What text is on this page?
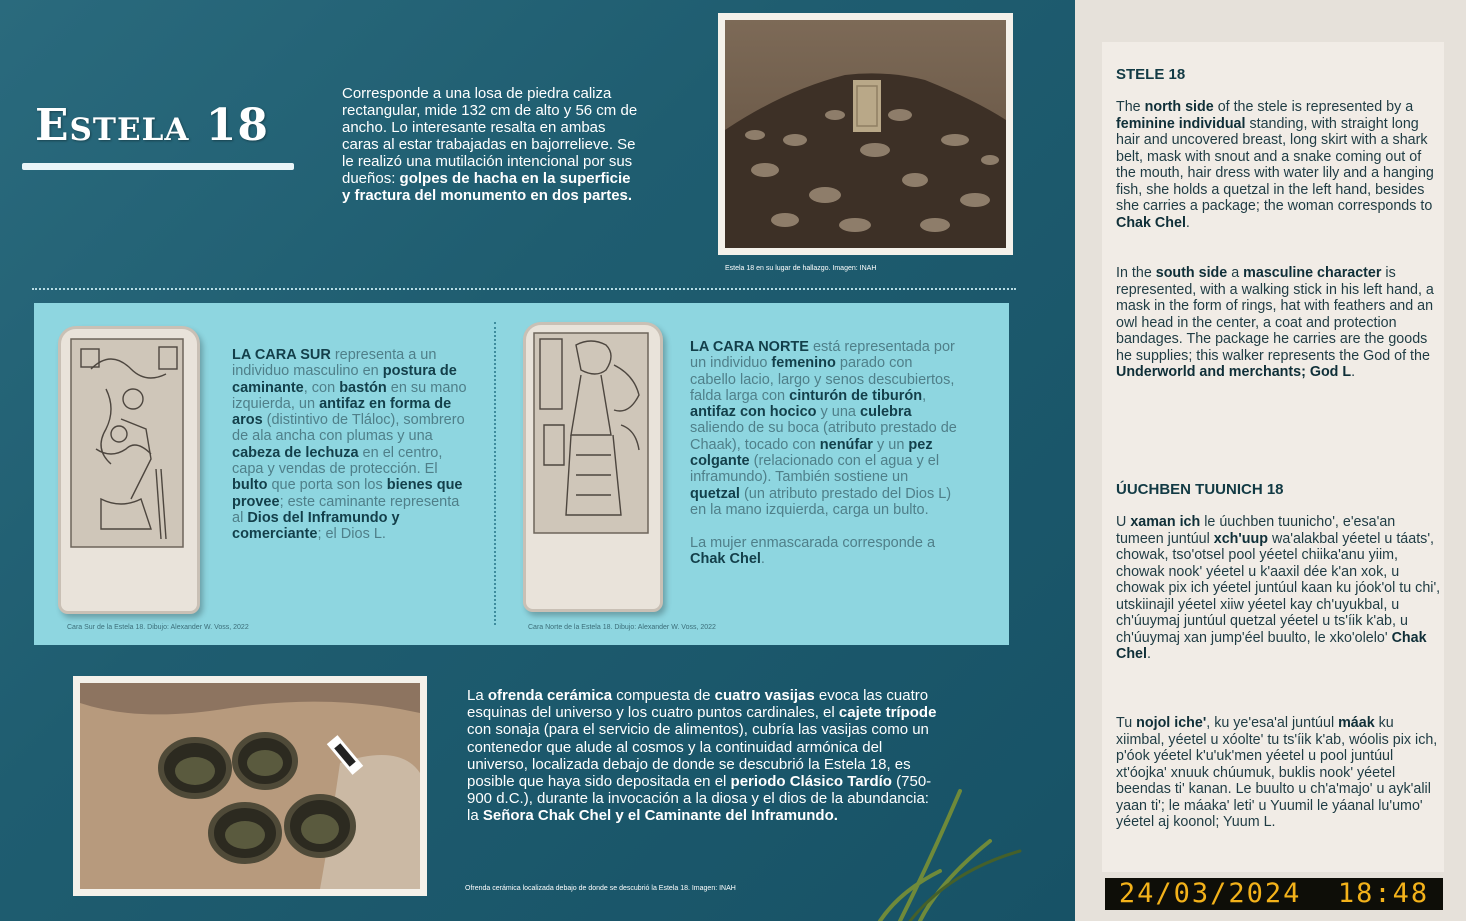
Estela 18
Corresponde a una losa de piedra caliza rectangular, mide 132 cm de alto y 56 cm de ancho. Lo interesante resalta en ambas caras al estar trabajadas en bajorrelieve. Se le realizó una mutilación intencional por sus dueños: golpes de hacha en la superficie y fractura del monumento en dos partes.
Estela 18 en su lugar de hallazgo. Imagen: INAH
Cara Sur de la Estela 18. Dibujo: Alexander W. Voss, 2022
LA CARA SUR representa a un individuo masculino en postura de caminante, con bastón en su mano izquierda, un antifaz en forma de aros (distintivo de Tláloc), sombrero de ala ancha con plumas y una cabeza de lechuza en el centro, capa y vendas de protección. El bulto que porta son los bienes que provee; este caminante representa al Dios del Inframundo y comerciante; el Dios L.
Cara Norte de la Estela 18. Dibujo: Alexander W. Voss, 2022
LA CARA NORTE está representada por un individuo femenino parado con cabello lacio, largo y senos descubiertos, falda larga con cinturón de tiburón, antifaz con hocico y una culebra saliendo de su boca (atributo prestado de Chaak), tocado con nenúfar y un pez colgante (relacionado con el agua y el inframundo). También sostiene un quetzal (un atributo prestado del Dios L) en la mano izquierda, carga un bulto.

La mujer enmascarada corresponde a Chak Chel.
Ofrenda cerámica localizada debajo de donde se descubrió la Estela 18. Imagen: INAH
La ofrenda cerámica compuesta de cuatro vasijas evoca las cuatro esquinas del universo y los cuatro puntos cardinales, el cajete trípode con sonaja (para el servicio de alimentos), cubría las vasijas como un contenedor que alude al cosmos y la continuidad armónica del universo, localizada debajo de donde se descubrió la Estela 18, es posible que haya sido depositada en el periodo Clásico Tardío (750-900 d.C.), durante la invocación a la diosa y el dios de la abundancia: la Señora Chak Chel y el Caminante del Inframundo.
STELE 18
The north side of the stele is represented by a feminine individual standing, with straight long hair and uncovered breast, long skirt with a shark belt, mask with snout and a snake coming out of the mouth, hair dress with water lily and a hanging fish, she holds a quetzal in the left hand, besides she carries a package; the woman corresponds to Chak Chel.
In the south side a masculine character is represented, with a walking stick in his left hand, a mask in the form of rings, hat with feathers and an owl head in the center, a coat and protection bandages. The package he carries are the goods he supplies; this walker represents the God of the Underworld and merchants; God L.
ÚUCHBEN TUUNICH 18
U xaman ich le úuchben tuunicho', e'esa'an tumeen juntúul xch'uup wa'alakbal yéetel u táats', chowak, tso'otsel pool yéetel chiika'anu yiim, chowak nook' yéetel u k'aaxil dée k'an xok, u chowak pix ich yéetel juntúul kaan ku jóok'ol tu chi', utskiinajil yéetel xiiw yéetel kay ch'uyukbal, u ch'úuymaj juntúul quetzal yéetel u ts'íik k'ab, u ch'úuymaj xan jump'éel buulto, le xko'olelo' Chak Chel.
Tu nojol iche', ku ye'esa'al juntúul máak ku xiimbal, yéetel u xóolte' tu ts'íik k'ab, wóolis pix ich, p'óok yéetel k'u'uk'men yéetel u pool juntúul xt'óojka' xnuuk chúumuk, buklis nook' yéetel beendas ti' kanan. Le buulto u ch'a'majo' u ayk'alil yaan ti'; le máaka' leti' u Yuumil le yáanal lu'umo' yéetel aj koonol; Yuum L.
24/03/2024  18:48
